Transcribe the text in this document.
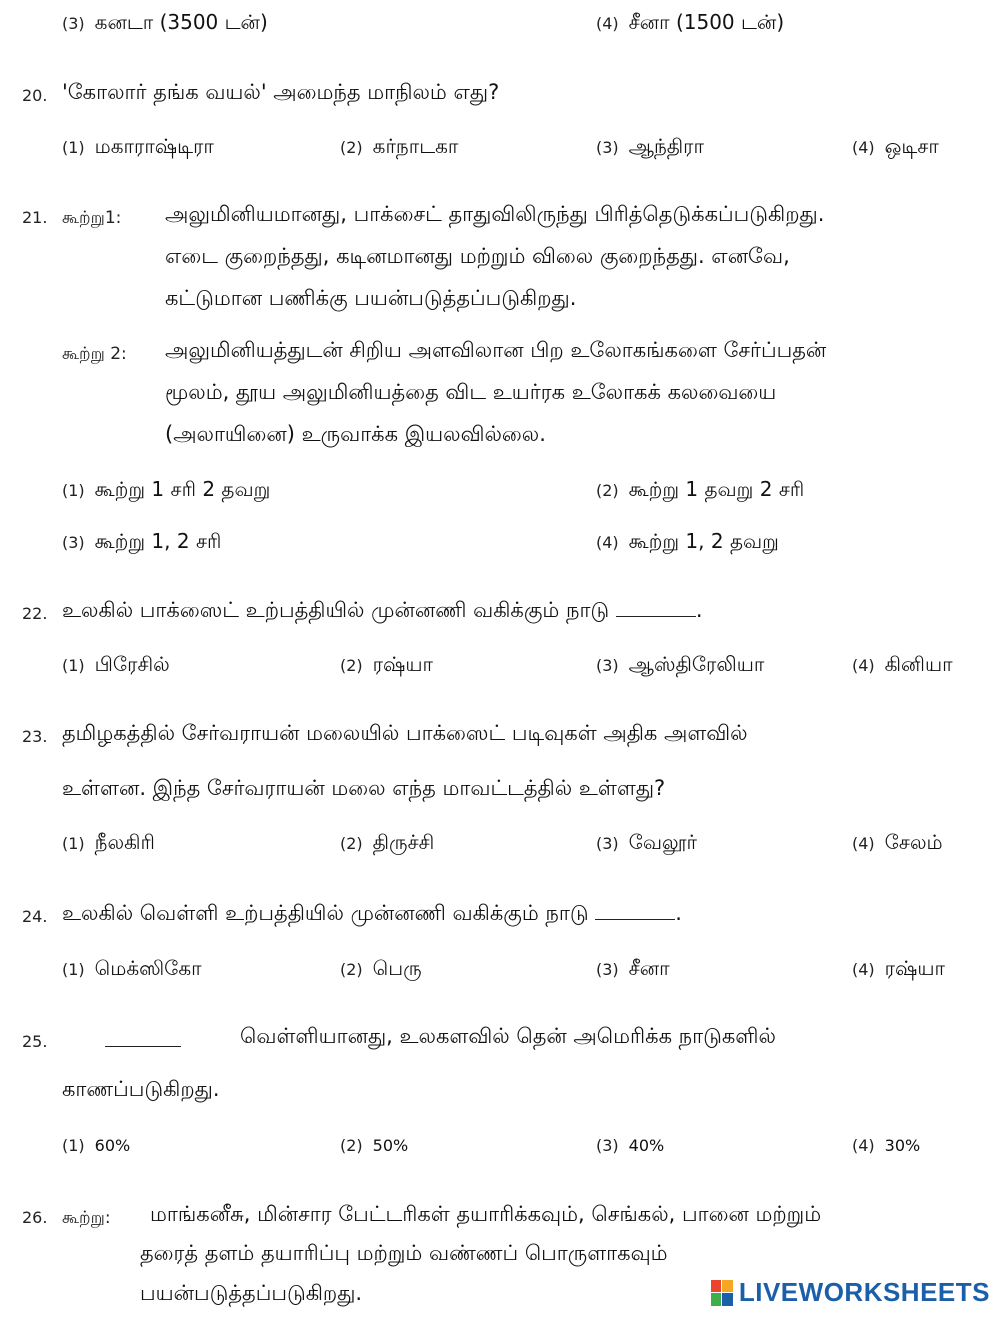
(3) கனடா (3500 டன்)	(4) சீனா (1500 டன்)
20. 'கோலார் தங்க வயல்' அமைந்த மாநிலம் எது?
(1) மகாராஷ்டிரா	(2) கர்நாடகா	(3) ஆந்திரா	(4) ஒடிசா
21. கூற்று1: அலுமினியமானது, பாக்சைட் தாதுவிலிருந்து பிரித்தெடுக்கப்படுகிறது.
எடை குறைந்தது, கடினமானது மற்றும் விலை குறைந்தது. எனவே,
கட்டுமான பணிக்கு பயன்படுத்தப்படுகிறது.
கூற்று 2: அலுமினியத்துடன் சிறிய அளவிலான பிற உலோகங்களை சேர்ப்பதன்
மூலம், தூய அலுமினியத்தை விட உயர்ரக உலோகக் கலவையை
(அலாயினை) உருவாக்க இயலவில்லை.
(1) கூற்று 1 சரி 2 தவறு	(2) கூற்று 1 தவறு 2 சரி
(3) கூற்று 1, 2 சரி	(4) கூற்று 1, 2 தவறு
22. உலகில் பாக்ஸைட் உற்பத்தியில் முன்னணி வகிக்கும் நாடு	.
(1) பிரேசில்	(2) ரஷ்யா	(3) ஆஸ்திரேலியா	(4) கினியா
23. தமிழகத்தில் சேர்வராயன் மலையில் பாக்ஸைட் படிவுகள் அதிக அளவில்
உள்ளன. இந்த சேர்வராயன் மலை எந்த மாவட்டத்தில் உள்ளது?
(1) நீலகிரி	(2) திருச்சி	(3) வேலூர்	(4) சேலம்
24. உலகில் வெள்ளி உற்பத்தியில் முன்னணி வகிக்கும் நாடு	.
(1) மெக்ஸிகோ	(2) பெரு	(3) சீனா	(4) ரஷ்யா
25.	வெள்ளியானது, உலகளவில் தென் அமெரிக்க நாடுகளில்
காணப்படுகிறது.
(1) 60%	(2) 50%	(3) 40%	(4) 30%
26. கூற்று: மாங்கனீசு, மின்சார பேட்டரிகள் தயாரிக்கவும், செங்கல், பானை மற்றும்
தரைத் தளம் தயாரிப்பு மற்றும் வண்ணப் பொருளாகவும்
பயன்படுத்தப்படுகிறது.	LIVEWORKSHEETS
